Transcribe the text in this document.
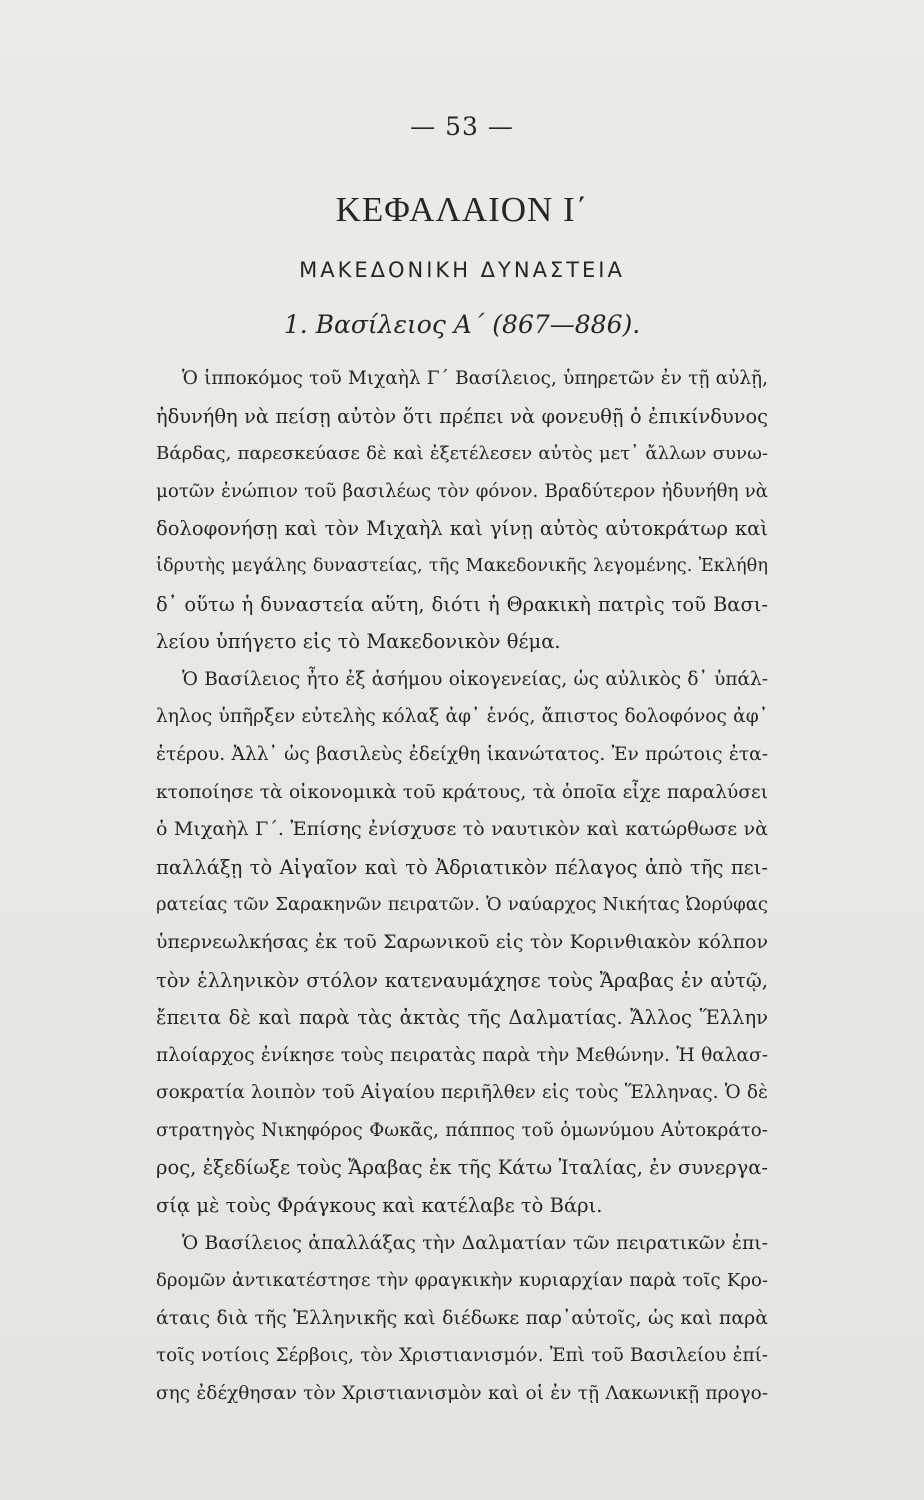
— 53 —
ΚΕΦΑΛΑΙΟΝ Ι΄
ΜΑΚΕΔΟΝΙΚΗ ΔΥΝΑΣΤΕΙΑ
1. Βασίλειος Α΄ (867—886).

Ὁ ἱπποκόμος τοῦ Μιχαὴλ Γ΄ Βασίλειος, ὑπηρετῶν ἐν τῇ αὐλῇ,
ἠδυνήθη νὰ πείσῃ αὐτὸν ὅτι πρέπει νὰ φονευθῇ ὁ ἐπικίνδυνος
Βάρδας, παρεσκεύασε δὲ καὶ ἐξετέλεσεν αὐτὸς μετ᾽ ἄλλων συνω-
μοτῶν ἐνώπιον τοῦ βασιλέως τὸν φόνον. Βραδύτερον ἠδυνήθη νὰ
δολοφονήσῃ καὶ τὸν Μιχαὴλ καὶ γίνῃ αὐτὸς αὐτοκράτωρ καὶ
ἱδρυτὴς μεγάλης δυναστείας, τῆς Μακεδονικῆς λεγομένης. Ἐκλήθη
δ᾽ οὕτω ἡ δυναστεία αὕτη, διότι ἡ Θρακικὴ πατρὶς τοῦ Βασι-
λείου ὑπήγετο εἰς τὸ Μακεδονικὸν θέμα.

Ὁ Βασίλειος ἦτο ἐξ ἀσήμου οἰκογενείας, ὡς αὐλικὸς δ᾽ ὑπάλ-
ληλος ὑπῆρξεν εὐτελὴς κόλαξ ἀφ᾽ ἑνός, ἄπιστος δολοφόνος ἀφ᾽
ἑτέρου. Ἀλλ᾽ ὡς βασιλεὺς ἐδείχθη ἱκανώτατος. Ἐν πρώτοις ἐτα-
κτοποίησε τὰ οἰκονομικὰ τοῦ κράτους, τὰ ὁποῖα εἶχε παραλύσει
ὁ Μιχαὴλ Γ΄. Ἐπίσης ἐνίσχυσε τὸ ναυτικὸν καὶ κατώρθωσε νὰ
παλλάξῃ τὸ Αἰγαῖον καὶ τὸ Ἀδριατικὸν πέλαγος ἀπὸ τῆς πει-
ρατείας τῶν Σαρακηνῶν πειρατῶν. Ὁ ναύαρχος Νικήτας Ὠορύφας
ὑπερνεωλκήσας ἐκ τοῦ Σαρωνικοῦ εἰς τὸν Κορινθιακὸν κόλπον
τὸν ἑλληνικὸν στόλον κατεναυμάχησε τοὺς Ἄραβας ἐν αὐτῷ,
ἔπειτα δὲ καὶ παρὰ τὰς ἀκτὰς τῆς Δαλματίας. Ἄλλος Ἕλλην
πλοίαρχος ἐνίκησε τοὺς πειρατὰς παρὰ τὴν Μεθώνην. Ἡ θαλασ-
σοκρατία λοιπὸν τοῦ Αἰγαίου περιῆλθεν εἰς τοὺς Ἕλληνας. Ὁ δὲ
στρατηγὸς Νικηφόρος Φωκᾶς, πάππος τοῦ ὁμωνύμου Αὐτοκράτο-
ρος, ἐξεδίωξε τοὺς Ἄραβας ἐκ τῆς Κάτω Ἰταλίας, ἐν συνεργα-
σίᾳ μὲ τοὺς Φράγκους καὶ κατέλαβε τὸ Βάρι.

Ὁ Βασίλειος ἀπαλλάξας τὴν Δαλματίαν τῶν πειρατικῶν ἐπι-
δρομῶν ἀντικατέστησε τὴν φραγκικὴν κυριαρχίαν παρὰ τοῖς Κρο-
άταις διὰ τῆς Ἑλληνικῆς καὶ διέδωκε παρ᾽αὐτοῖς, ὡς καὶ παρὰ
τοῖς νοτίοις Σέρβοις, τὸν Χριστιανισμόν. Ἐπὶ τοῦ Βασιλείου ἐπί-
σης ἐδέχθησαν τὸν Χριστιανισμὸν καὶ οἱ ἐν τῇ Λακωνικῇ προγο-
